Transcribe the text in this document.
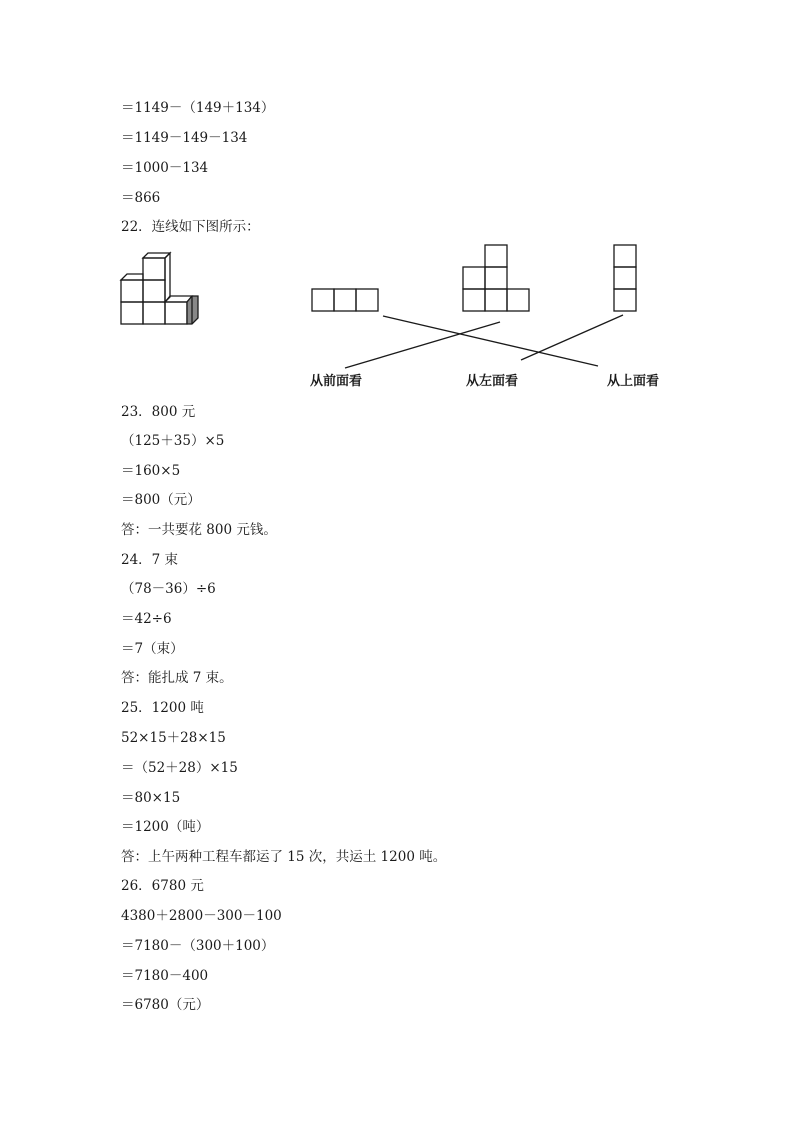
＝1149－（149＋134）
＝1149－149－134
＝1000－134
＝866
22．连线如下图所示：
从前面看	从左面看	从上面看
23．800 元
（125＋35）×5
＝160×5
＝800（元）
答：一共要花 800 元钱。
24．7 束
（78－36）÷6
＝42÷6
＝7（束）
答：能扎成 7 束。
25．1200 吨
52×15＋28×15
＝（52＋28）×15
＝80×15
＝1200（吨）
答：上午两种工程车都运了 15 次，共运土 1200 吨。
26．6780 元
4380＋2800－300－100
＝7180－（300＋100）
＝7180－400
＝6780（元）
